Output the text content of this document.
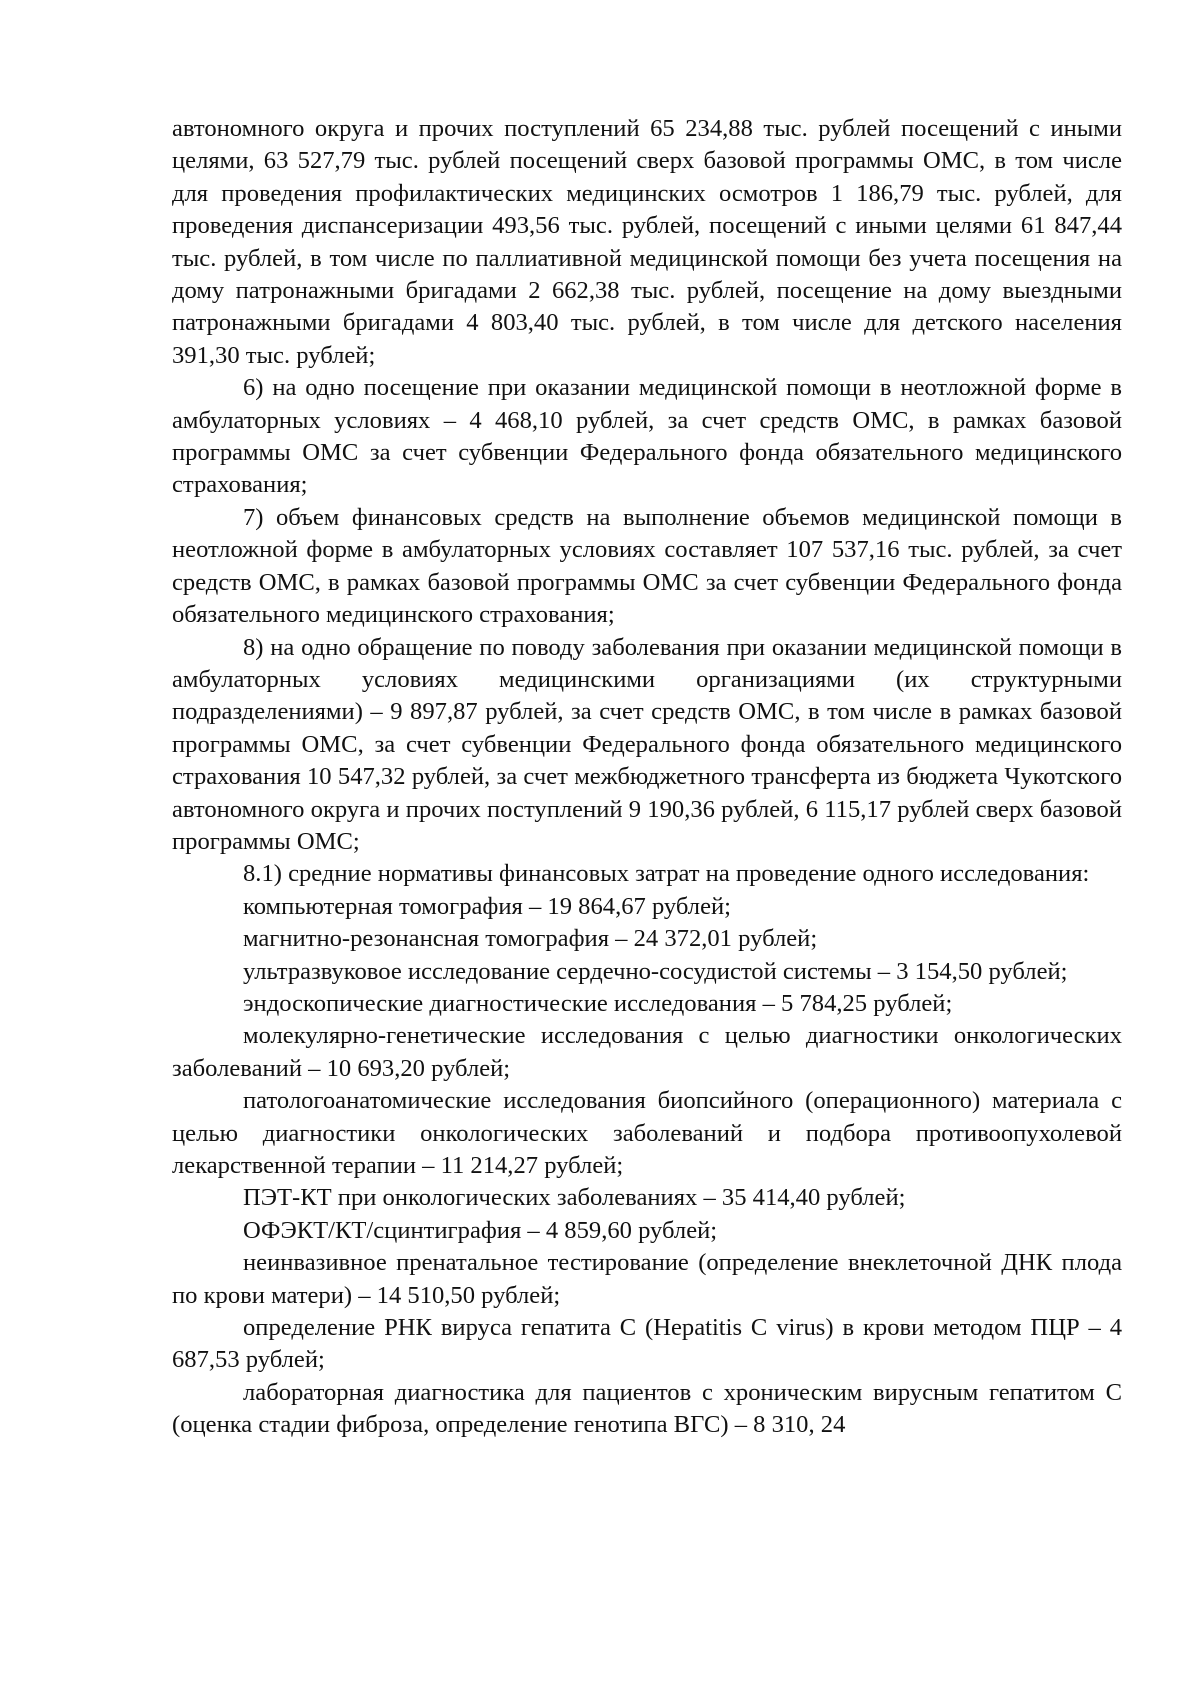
автономного округа и прочих поступлений 65 234,88 тыс. рублей посещений с иными целями, 63 527,79 тыс. рублей посещений сверх базовой программы ОМС, в том числе для проведения профилактических медицинских осмотров 1 186,79 тыс. рублей, для проведения диспансеризации 493,56 тыс. рублей, посещений с иными целями 61 847,44 тыс. рублей, в том числе по паллиативной медицинской помощи без учета посещения на дому патронажными бригадами 2 662,38 тыс. рублей, посещение на дому выездными патронажными бригадами 4 803,40 тыс. рублей, в том числе для детского населения 391,30 тыс. рублей;

6) на одно посещение при оказании медицинской помощи в неотложной форме в амбулаторных условиях – 4 468,10 рублей, за счет средств ОМС, в рамках базовой программы ОМС за счет субвенции Федерального фонда обязательного медицинского страхования;

7) объем финансовых средств на выполнение объемов медицинской помощи в неотложной форме в амбулаторных условиях составляет 107 537,16 тыс. рублей, за счет средств ОМС, в рамках базовой программы ОМС за счет субвенции Федерального фонда обязательного медицинского страхования;

8) на одно обращение по поводу заболевания при оказании медицинской помощи в амбулаторных условиях медицинскими организациями (их структурными подразделениями) – 9 897,87 рублей, за счет средств ОМС, в том числе в рамках базовой программы ОМС, за счет субвенции Федерального фонда обязательного медицинского страхования 10 547,32 рублей, за счет межбюджетного трансферта из бюджета Чукотского автономного округа и прочих поступлений 9 190,36 рублей, 6 115,17 рублей сверх базовой программы ОМС;

8.1) средние нормативы финансовых затрат на проведение одного исследования:

компьютерная томография – 19 864,67 рублей;

магнитно-резонансная томография – 24 372,01 рублей;

ультразвуковое исследование сердечно-сосудистой системы – 3 154,50 рублей;

эндоскопические диагностические исследования – 5 784,25 рублей;

молекулярно-генетические исследования с целью диагностики онкологических заболеваний – 10 693,20 рублей;

патологоанатомические исследования биопсийного (операционного) материала с целью диагностики онкологических заболеваний и подбора противоопухолевой лекарственной терапии – 11 214,27 рублей;

ПЭТ-КТ при онкологических заболеваниях – 35 414,40 рублей;

ОФЭКТ/КТ/сцинтиграфия – 4 859,60 рублей;

неинвазивное пренатальное тестирование (определение внеклеточной ДНК плода по крови матери) – 14 510,50 рублей;

определение РНК вируса гепатита С (Hepatitis C virus) в крови методом ПЦР – 4 687,53 рублей;

лабораторная диагностика для пациентов с хроническим вирусным гепатитом С (оценка стадии фиброза, определение генотипа ВГС) – 8 310, 24
